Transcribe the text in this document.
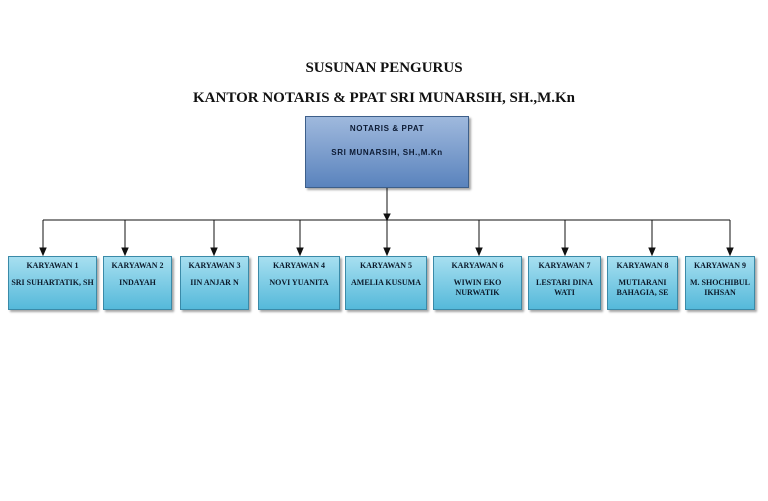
SUSUNAN PENGURUS
KANTOR NOTARIS & PPAT SRI MUNARSIH, SH.,M.Kn
NOTARIS & PPAT
SRI MUNARSIH, SH.,M.Kn
KARYAWAN 1
SRI SUHARTATIK, SH
KARYAWAN 2
INDAYAH
KARYAWAN 3
IIN ANJAR N
KARYAWAN 4
NOVI YUANITA
KARYAWAN 5
AMELIA KUSUMA
KARYAWAN 6
WIWIN EKO NURWATIK
KARYAWAN 7
LESTARI DINA WATI
KARYAWAN 8
MUTIARANI BAHAGIA, SE
KARYAWAN 9
M. SHOCHIBUL IKHSAN
